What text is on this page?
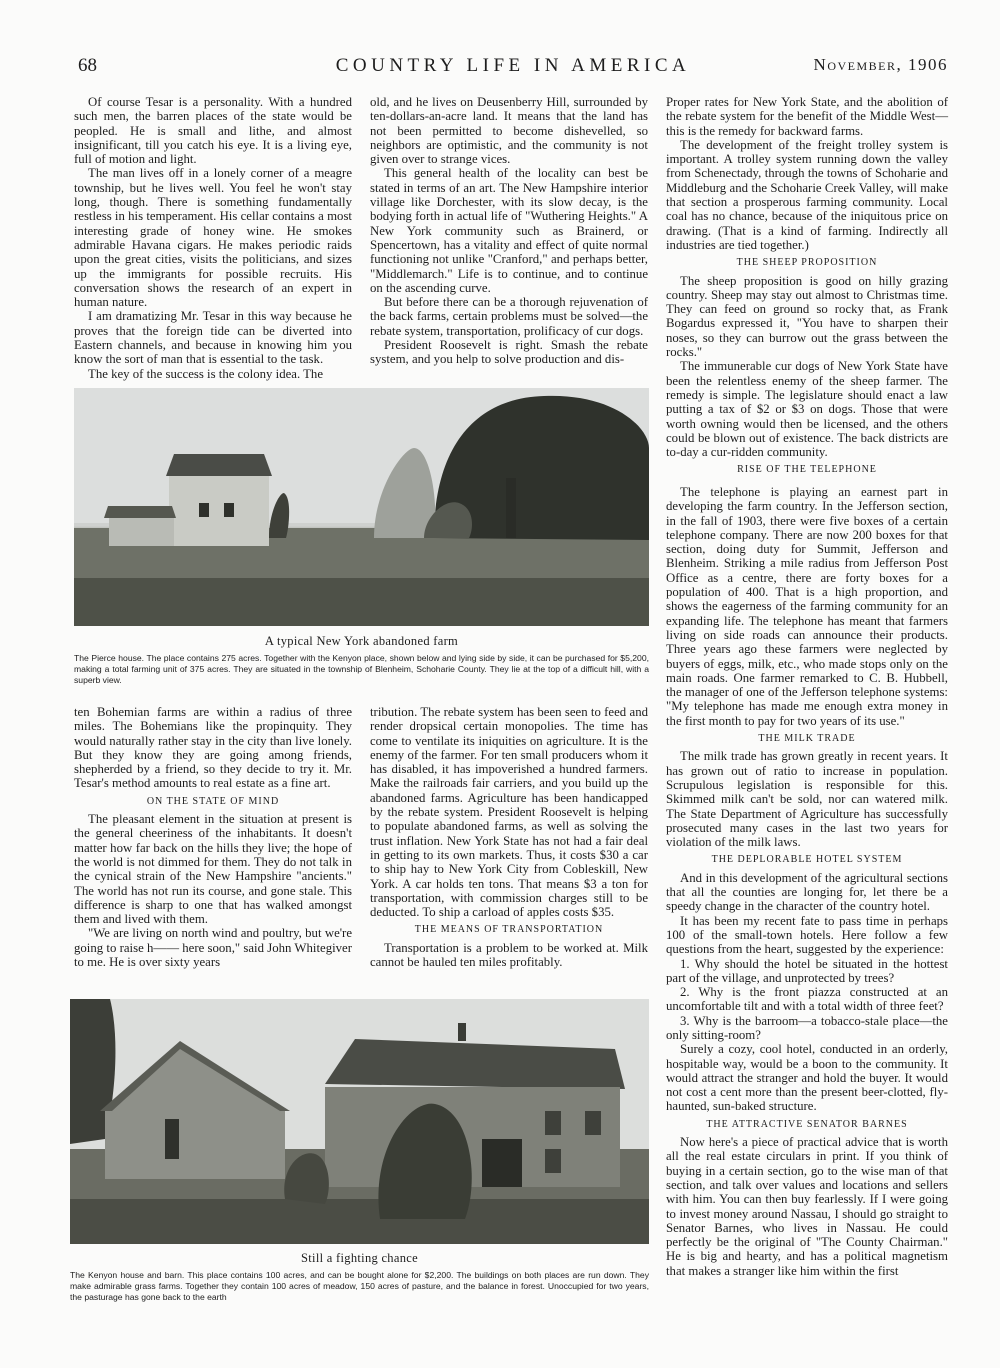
68	COUNTRY LIFE IN AMERICA	November, 1906

Of course Tesar is a personality. With a hundred such men, the barren places of the state would be peopled. He is small and lithe, and almost insignificant, till you catch his eye. It is a living eye, full of motion and light.

The man lives off in a lonely corner of a meagre township, but he lives well. You feel he won't stay long, though. There is something fundamentally restless in his temperament. His cellar contains a most interesting grade of honey wine. He smokes admirable Havana cigars. He makes periodic raids upon the great cities, visits the politicians, and sizes up the immigrants for possible recruits. His conversation shows the research of an expert in human nature.

I am dramatizing Mr. Tesar in this way because he proves that the foreign tide can be diverted into Eastern channels, and because in knowing him you know the sort of man that is essential to the task.

The key of the success is the colony idea. The

old, and he lives on Deusenberry Hill, surrounded by ten-dollars-an-acre land. It means that the land has not been permitted to become dishevelled, so neighbors are optimistic, and the community is not given over to strange vices.

This general health of the locality can best be stated in terms of an art. The New Hampshire interior village like Dorchester, with its slow decay, is the bodying forth in actual life of "Wuthering Heights." A New York community such as Brainerd, or Spencertown, has a vitality and effect of quite normal functioning not unlike "Cranford," and perhaps better, "Middlemarch." Life is to continue, and to continue on the ascending curve.

But before there can be a thorough rejuvenation of the back farms, certain problems must be solved—the rebate system, transportation, prolificacy of cur dogs.

President Roosevelt is right. Smash the rebate system, and you help to solve production and dis-

Proper rates for New York State, and the abolition of the rebate system for the benefit of the Middle West—this is the remedy for backward farms.

The development of the freight trolley system is important. A trolley system running down the valley from Schenectady, through the towns of Schoharie and Middleburg and the Schoharie Creek Valley, will make that section a prosperous farming community. Local coal has no chance, because of the iniquitous price on drawing. (That is a kind of farming. Indirectly all industries are tied together.)

THE SHEEP PROPOSITION

The sheep proposition is good on hilly grazing country. Sheep may stay out almost to Christmas time. They can feed on ground so rocky that, as Frank Bogardus expressed it, "You have to sharpen their noses, so they can burrow out the grass between the rocks."

The immunerable cur dogs of New York State have been the relentless enemy of the sheep farmer. The remedy is simple. The legislature should enact a law putting a tax of $2 or $3 on dogs. Those that were worth owning would then be licensed, and the others could be blown out of existence. The back districts are to-day a cur-ridden community.

RISE OF THE TELEPHONE

The telephone is playing an earnest part in developing the farm country. In the Jefferson section, in the fall of 1903, there were five boxes of a certain telephone company. There are now 200 boxes for that section, doing duty for Summit, Jefferson and Blenheim. Striking a mile radius from Jefferson Post Office as a centre, there are forty boxes for a population of 400. That is a high proportion, and shows the eagerness of the farming community for an expanding life. The telephone has meant that farmers living on side roads can announce their products. Three years ago these farmers were neglected by buyers of eggs, milk, etc., who made stops only on the main roads. One farmer remarked to C. B. Hubbell, the manager of one of the Jefferson telephone systems: "My telephone has made me enough extra money in the first month to pay for two years of its use."

THE MILK TRADE

The milk trade has grown greatly in recent years. It has grown out of ratio to increase in population. Scrupulous legislation is responsible for this. Skimmed milk can't be sold, nor can watered milk. The State Department of Agriculture has successfully prosecuted many cases in the last two years for violation of the milk laws.

THE DEPLORABLE HOTEL SYSTEM

And in this development of the agricultural sections that all the counties are longing for, let there be a speedy change in the character of the country hotel.

It has been my recent fate to pass time in perhaps 100 of the small-town hotels. Here follow a few questions from the heart, suggested by the experience:

1. Why should the hotel be situated in the hottest part of the village, and unprotected by trees?

2. Why is the front piazza constructed at an uncomfortable tilt and with a total width of three feet?

3. Why is the barroom—a tobacco-stale place—the only sitting-room?

Surely a cozy, cool hotel, conducted in an orderly, hospitable way, would be a boon to the community. It would attract the stranger and hold the buyer. It would not cost a cent more than the present beer-clotted, fly-haunted, sun-baked structure.

THE ATTRACTIVE SENATOR BARNES

Now here's a piece of practical advice that is worth all the real estate circulars in print. If you think of buying in a certain section, go to the wise man of that section, and talk over values and locations and sellers with him. You can then buy fearlessly. If I were going to invest money around Nassau, I should go straight to Senator Barnes, who lives in Nassau. He could perfectly be the original of "The County Chairman." He is big and hearty, and has a political magnetism that makes a stranger like him within the first

A typical New York abandoned farm
The Pierce house. The place contains 275 acres. Together with the Kenyon place, shown below and lying side by side, it can be purchased for $5,200, making a total farming unit of 375 acres. They are situated in the township of Blenheim, Schoharie County. They lie at the top of a difficult hill, with a superb view.

ten Bohemian farms are within a radius of three miles. The Bohemians like the propinquity. They would naturally rather stay in the city than live lonely. But they know they are going among friends, shepherded by a friend, so they decide to try it. Mr. Tesar's method amounts to real estate as a fine art.

ON THE STATE OF MIND

The pleasant element in the situation at present is the general cheeriness of the inhabitants. It doesn't matter how far back on the hills they live; the hope of the world is not dimmed for them. They do not talk in the cynical strain of the New Hampshire "ancients." The world has not run its course, and gone stale. This difference is sharp to one that has walked amongst them and lived with them.

"We are living on north wind and poultry, but we're going to raise h—— here soon," said John Whitegiver to me. He is over sixty years

tribution. The rebate system has been seen to feed and render dropsical certain monopolies. The time has come to ventilate its iniquities on agriculture. It is the enemy of the farmer. For ten small producers whom it has disabled, it has impoverished a hundred farmers. Make the railroads fair carriers, and you build up the abandoned farms. Agriculture has been handicapped by the rebate system. President Roosevelt is helping to populate abandoned farms, as well as solving the trust inflation. New York State has not had a fair deal in getting to its own markets. Thus, it costs $30 a car to ship hay to New York City from Cobleskill, New York. A car holds ten tons. That means $3 a ton for transportation, with commission charges still to be deducted. To ship a carload of apples costs $35.

THE MEANS OF TRANSPORTATION

Transportation is a problem to be worked at. Milk cannot be hauled ten miles profitably.

Still a fighting chance
The Kenyon house and barn. This place contains 100 acres, and can be bought alone for $2,200. The buildings on both places are run down. They make admirable grass farms. Together they contain 100 acres of meadow, 150 acres of pasture, and the balance in forest. Unoccupied for two years, the pasturage has gone back to the earth
